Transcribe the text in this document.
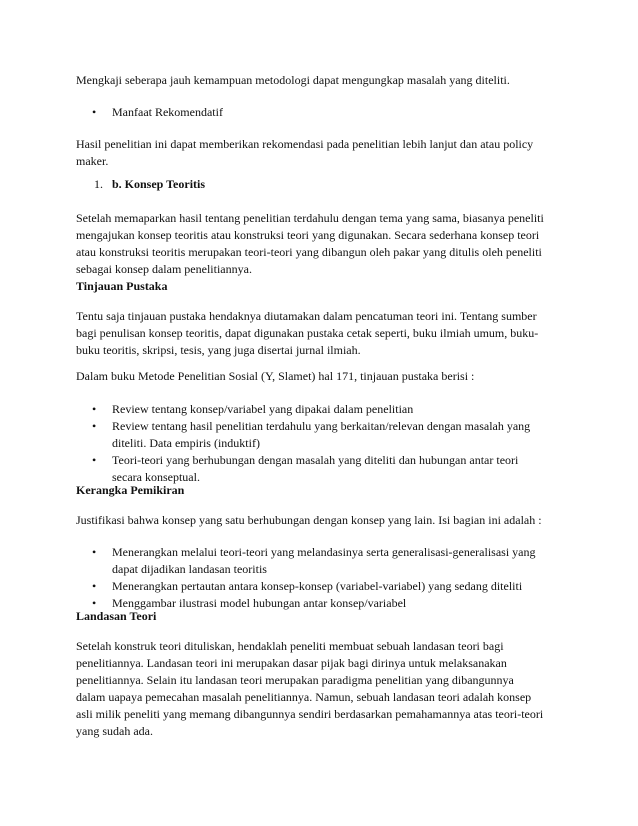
Mengkaji seberapa jauh kemampuan metodologi dapat mengungkap masalah yang diteliti.

•	Manfaat Rekomendatif

Hasil penelitian ini dapat memberikan rekomendasi pada penelitian lebih lanjut dan atau policy
maker.

1. b. Konsep Teoritis

Setelah memaparkan hasil tentang penelitian terdahulu dengan tema yang sama, biasanya peneliti
mengajukan konsep teoritis atau konstruksi teori yang digunakan. Secara sederhana konsep teori
atau konstruksi teoritis merupakan teori-teori yang dibangun oleh pakar yang ditulis oleh peneliti
sebagai konsep dalam penelitiannya.

Tinjauan Pustaka

Tentu saja tinjauan pustaka hendaknya diutamakan dalam pencatuman teori ini. Tentang sumber
bagi penulisan konsep teoritis, dapat digunakan pustaka cetak seperti, buku ilmiah umum, buku-
buku teoritis, skripsi, tesis, yang juga disertai jurnal ilmiah.

Dalam buku Metode Penelitian Sosial (Y, Slamet) hal 171, tinjauan pustaka berisi :

•	Review tentang konsep/variabel yang dipakai dalam penelitian
•	Review tentang hasil penelitian terdahulu yang berkaitan/relevan dengan masalah yang
diteliti. Data empiris (induktif)
•	Teori-teori yang berhubungan dengan masalah yang diteliti dan hubungan antar teori
secara konseptual.
Kerangka Pemikiran

Justifikasi bahwa konsep yang satu berhubungan dengan konsep yang lain. Isi bagian ini adalah :

•	Menerangkan melalui teori-teori yang melandasinya serta generalisasi-generalisasi yang
dapat dijadikan landasan teoritis
•	Menerangkan pertautan antara konsep-konsep (variabel-variabel) yang sedang diteliti
•	Menggambar ilustrasi model hubungan antar konsep/variabel
Landasan Teori

Setelah konstruk teori dituliskan, hendaklah peneliti membuat sebuah landasan teori bagi
penelitiannya. Landasan teori ini merupakan dasar pijak bagi dirinya untuk melaksanakan
penelitiannya. Selain itu landasan teori merupakan paradigma penelitian yang dibangunnya
dalam uapaya pemecahan masalah penelitiannya. Namun, sebuah landasan teori adalah konsep
asli milik peneliti yang memang dibangunnya sendiri berdasarkan pemahamannya atas teori-teori
yang sudah ada.
